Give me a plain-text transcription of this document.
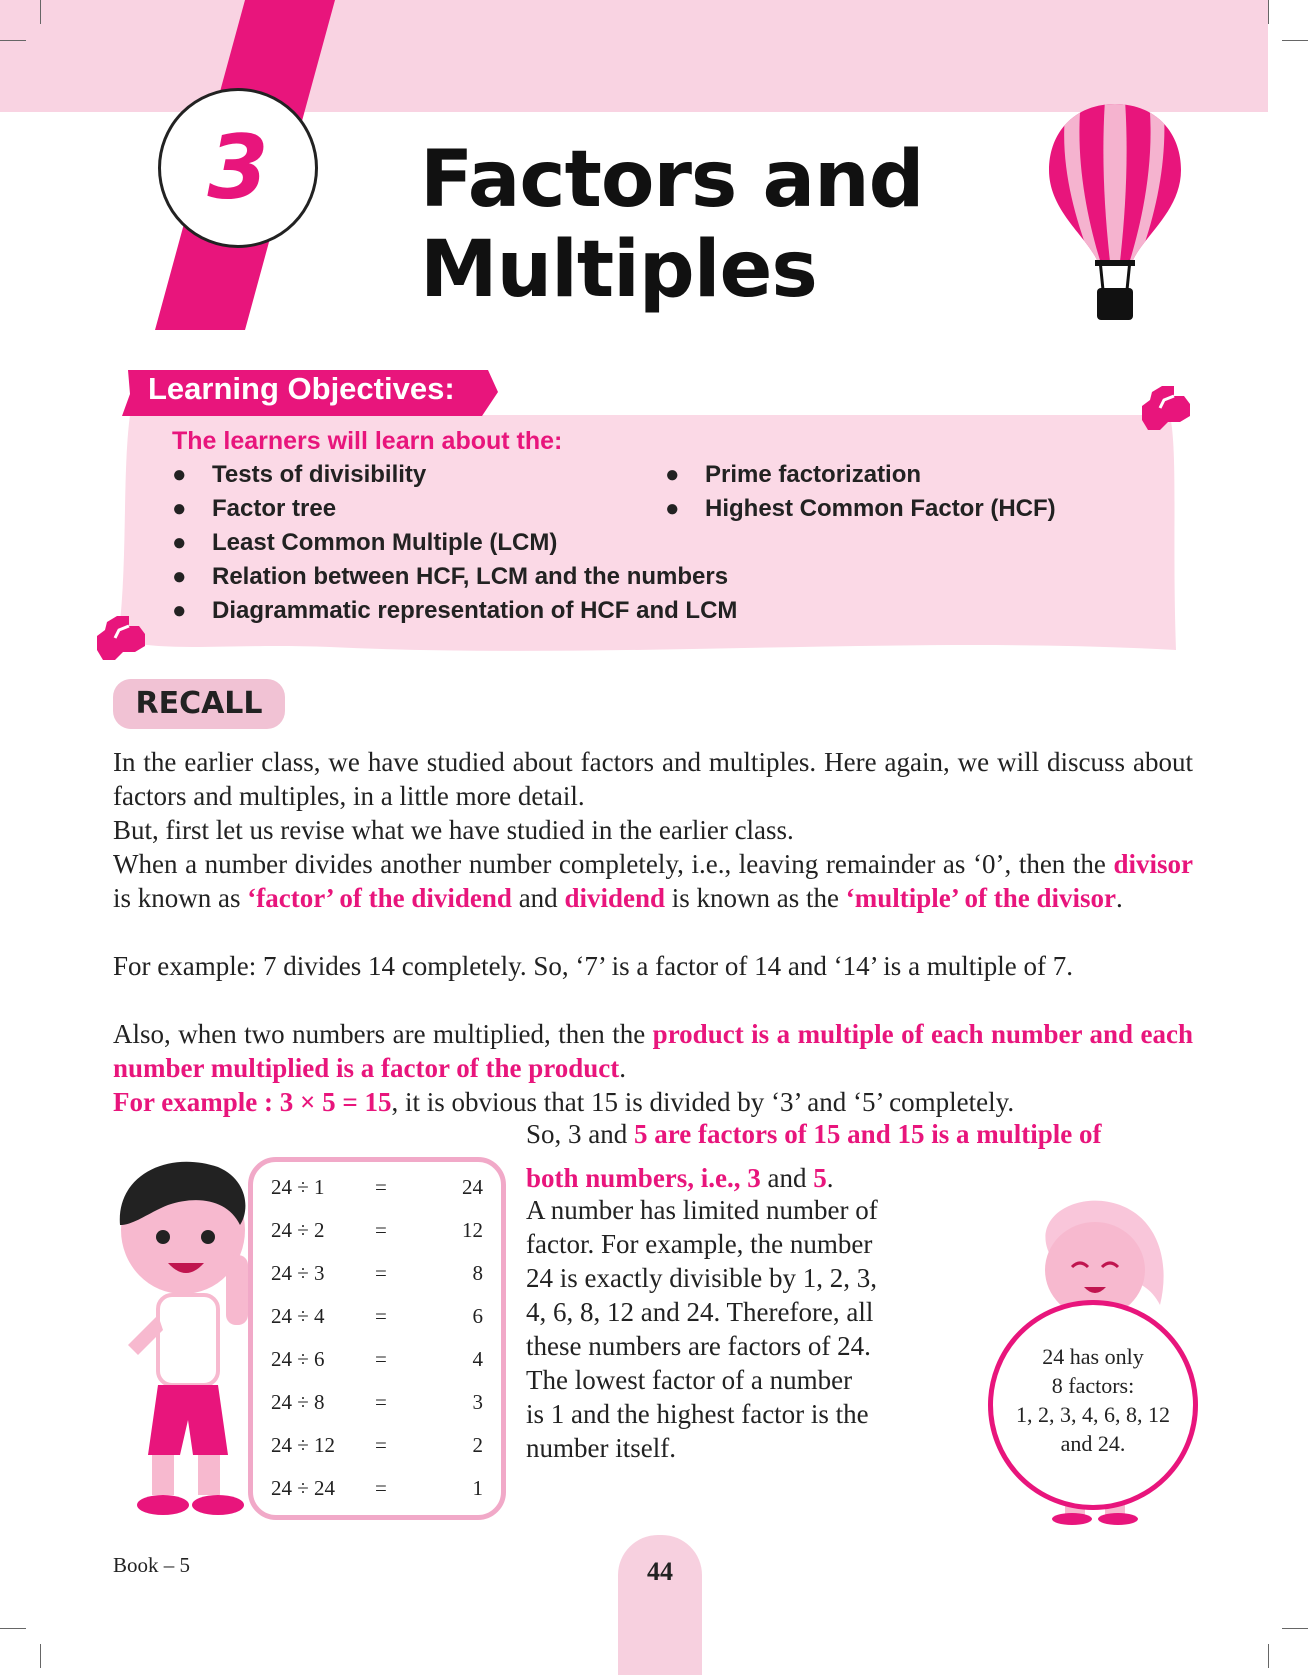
3	Factors and
Multiples
Learning Objectives:
The learners will learn about the:
● Tests of divisibility
● Factor tree
● Least Common Multiple (LCM)
● Relation between HCF, LCM and the numbers
● Diagrammatic representation of HCF and LCM
● Prime factorization
● Highest Common Factor (HCF)
RECALL
In the earlier class, we have studied about factors and multiples. Here again, we will discuss about factors and multiples, in a little more detail.
But, first let us revise what we have studied in the earlier class.
When a number divides another number completely, i.e., leaving remainder as ‘0’, then the divisor is known as ‘factor’ of the dividend and dividend is known as the ‘multiple’ of the divisor.
For example: 7 divides 14 completely. So, ‘7’ is a factor of 14 and ‘14’ is a multiple of 7.
Also, when two numbers are multiplied, then the product is a multiple of each number and each number multiplied is a factor of the product.
For example : 3 × 5 = 15, it is obvious that 15 is divided by ‘3’ and ‘5’ completely.
So, 3 and 5 are factors of 15 and 15 is a multiple of
both numbers, i.e., 3 and 5.
A number has limited number of
factor. For example, the number
24 is exactly divisible by 1, 2, 3,
4, 6, 8, 12 and 24. Therefore, all
these numbers are factors of 24.
The lowest factor of a number
is 1 and the highest factor is the
number itself.
24 ÷ 1 =	24
24 ÷ 2 =	12
24 ÷ 3 =	8
24 ÷ 4 =	6
24 ÷ 6 =	4
24 ÷ 8 =	3
24 ÷ 12 =	2
24 ÷ 24 =	1
24 has only
8 factors:
1, 2, 3, 4, 6, 8, 12
and 24.
Book – 5	44
